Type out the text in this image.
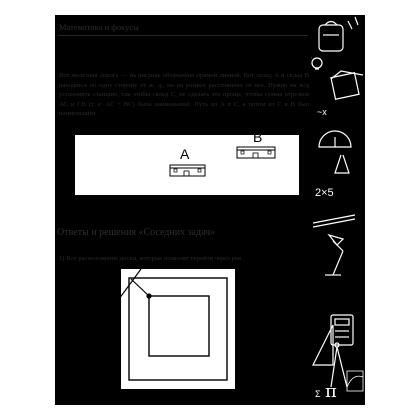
Математика и фокусы	7
Вот железная дорога — на рисунке обозначена прямой линией. Вот склад А и склад В находятся по одну сторону от ж. д., но на разных расстояниях от нее. Нужно на ж/д установить станцию, так чтобы склад С, не сделать это проще, чтобы сумма отрезков АС и СВ (т. е. АС + ВС) была наименьшей. Путь из А в С, а потом из С в В был наименьшим.
A
B
Ответы и решения «Соседних задач»
1) Вот расположение доски, которые позволят перейти через ров.
~x
2×5
Σ π
